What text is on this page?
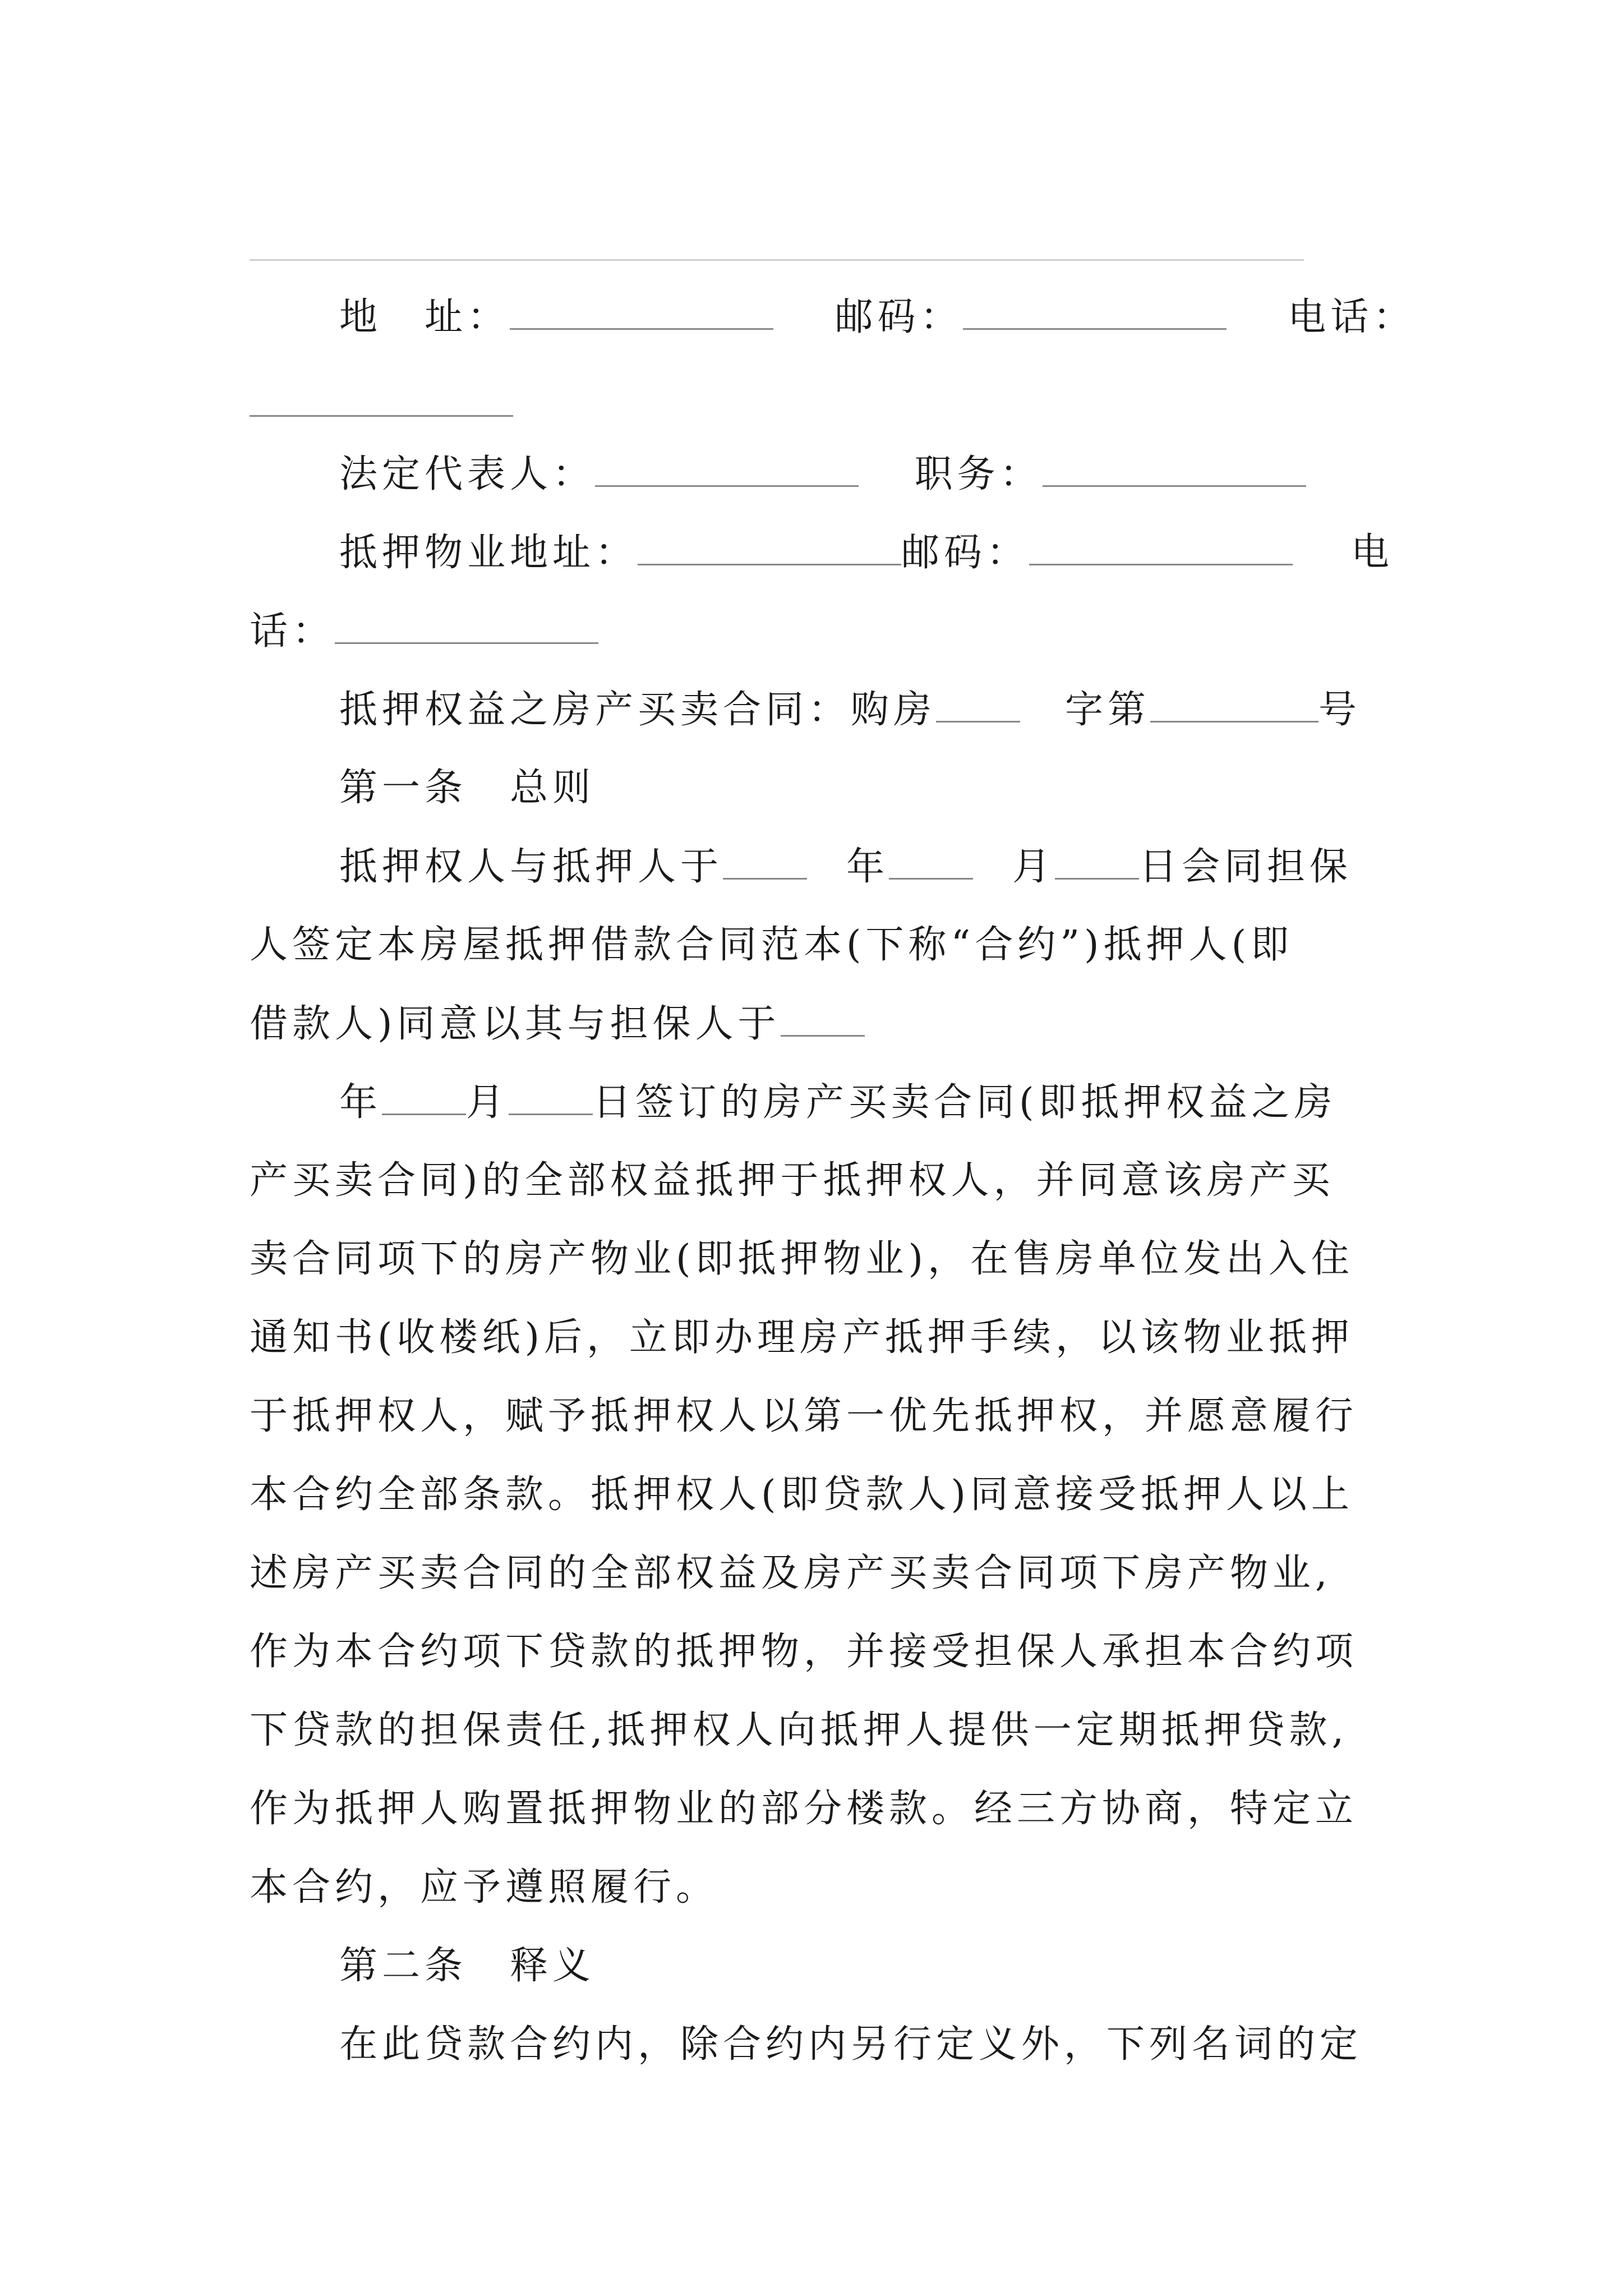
地　址：	邮码：	电话：
法定代表人：	职务：
抵押物业地址：	邮码：	电
话：
抵押权益之房产买卖合同：购房	字第	号
第一条　总则
抵押权人与抵押人于	年	月 日会同担保
人签定本房屋抵押借款合同范本(下称“合约”)抵押人(即
借款人)同意以其与担保人于
年 月 日签订的房产买卖合同(即抵押权益之房
产买卖合同)的全部权益抵押于抵押权人，并同意该房产买
卖合同项下的房产物业(即抵押物业)，在售房单位发出入住
通知书(收楼纸)后，立即办理房产抵押手续，以该物业抵押
于抵押权人，赋予抵押权人以第一优先抵押权，并愿意履行
本合约全部条款。抵押权人(即贷款人)同意接受抵押人以上
述房产买卖合同的全部权益及房产买卖合同项下房产物业,
作为本合约项下贷款的抵押物，并接受担保人承担本合约项
下贷款的担保责任,抵押权人向抵押人提供一定期抵押贷款,
作为抵押人购置抵押物业的部分楼款。经三方协商，特定立
本合约，应予遵照履行。
第二条　释义
在此贷款合约内，除合约内另行定义外，下列名词的定
